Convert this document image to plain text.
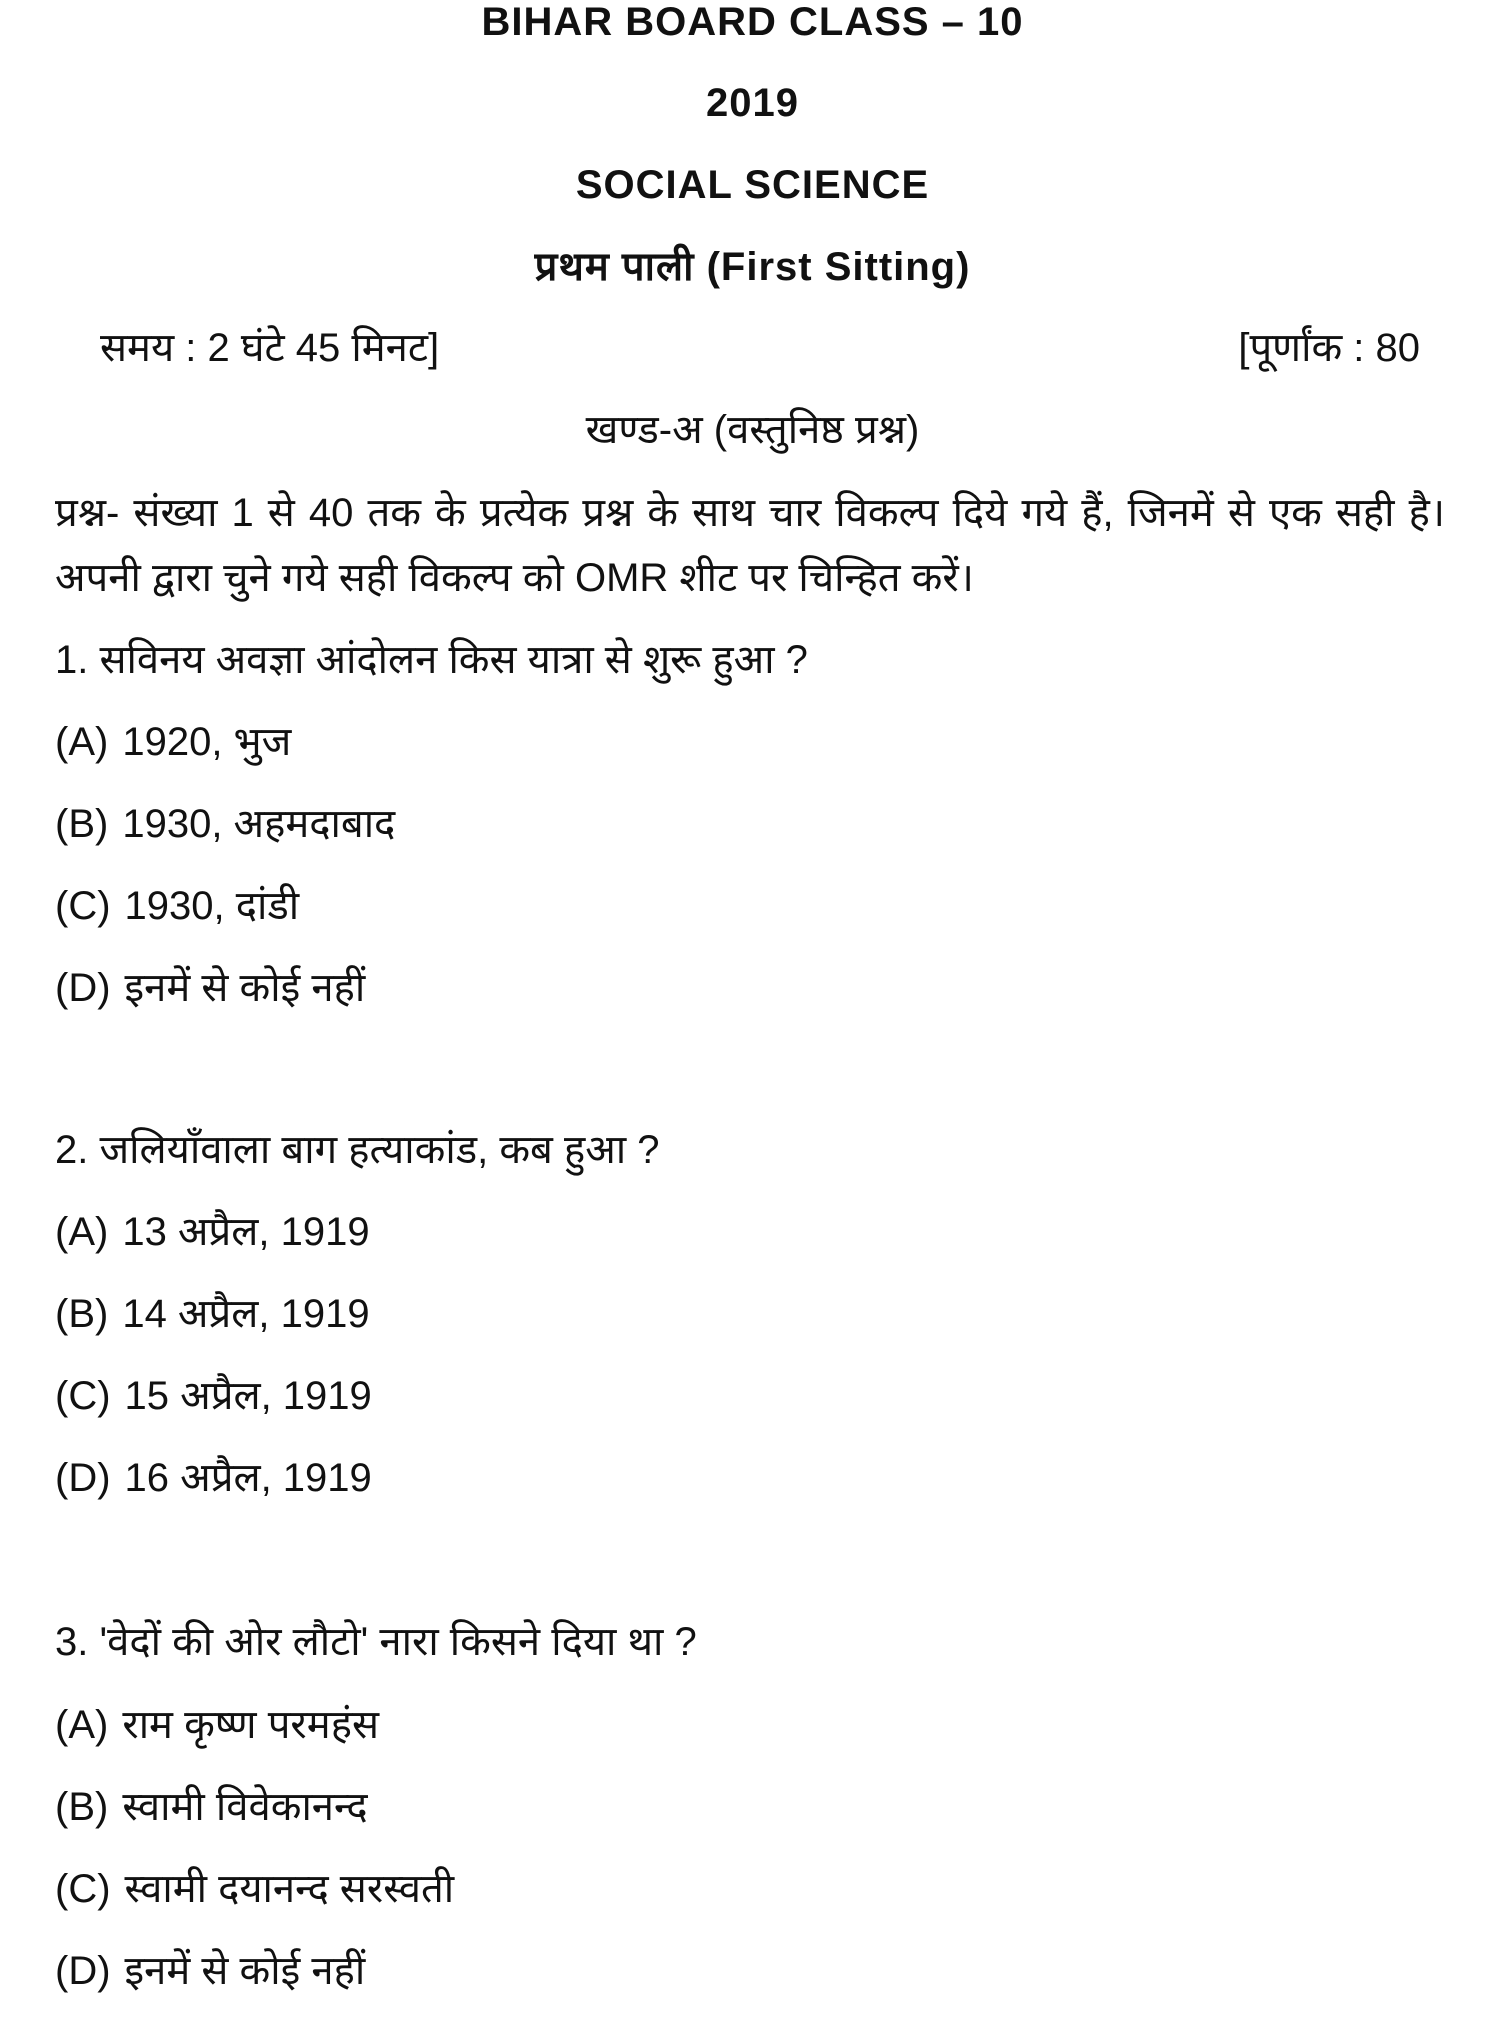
BIHAR BOARD CLASS – 10
2019
SOCIAL SCIENCE
प्रथम पाली (First Sitting)
समय : 2 घंटे 45 मिनट]	[पूर्णांक : 80
खण्ड-अ (वस्तुनिष्ठ प्रश्न)
प्रश्न- संख्या 1 से 40 तक के प्रत्येक प्रश्न के साथ चार विकल्प दिये गये हैं, जिनमें से एक सही है। अपनी द्वारा चुने गये सही विकल्प को OMR शीट पर चिन्हित करें।
1. सविनय अवज्ञा आंदोलन किस यात्रा से शुरू हुआ ?
(A) 1920, भुज
(B) 1930, अहमदाबाद
(C) 1930, दांडी
(D) इनमें से कोई नहीं
2. जलियाँवाला बाग हत्याकांड, कब हुआ ?
(A) 13 अप्रैल, 1919
(B) 14 अप्रैल, 1919
(C) 15 अप्रैल, 1919
(D) 16 अप्रैल, 1919
3. 'वेदों की ओर लौटो' नारा किसने दिया था ?
(A) राम कृष्ण परमहंस
(B) स्वामी विवेकानन्द
(C) स्वामी दयानन्द सरस्वती
(D) इनमें से कोई नहीं
